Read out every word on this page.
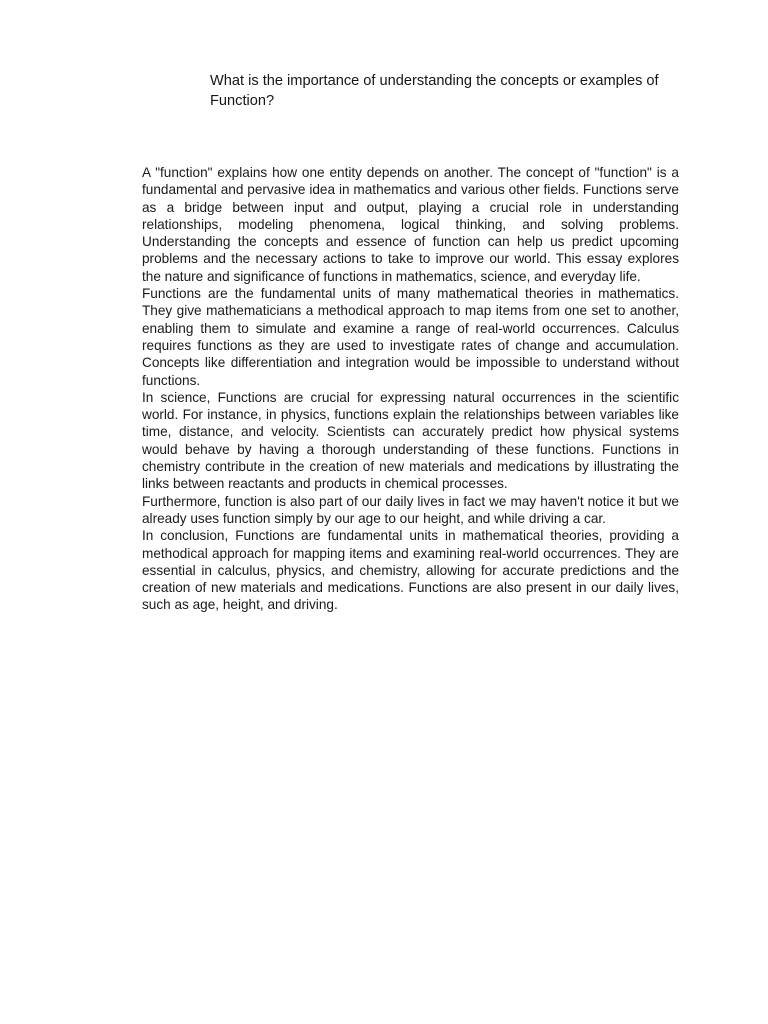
What is the importance of understanding the concepts or examples of Function?

A "function" explains how one entity depends on another. The concept of "function" is a fundamental and pervasive idea in mathematics and various other fields. Functions serve as a bridge between input and output, playing a crucial role in understanding relationships, modeling phenomena, logical thinking, and solving problems. Understanding the concepts and essence of function can help us predict upcoming problems and the necessary actions to take to improve our world. This essay explores the nature and significance of functions in mathematics, science, and everyday life.

Functions are the fundamental units of many mathematical theories in mathematics. They give mathematicians a methodical approach to map items from one set to another, enabling them to simulate and examine a range of real-world occurrences. Calculus requires functions as they are used to investigate rates of change and accumulation. Concepts like differentiation and integration would be impossible to understand without functions.

In science, Functions are crucial for expressing natural occurrences in the scientific world. For instance, in physics, functions explain the relationships between variables like time, distance, and velocity. Scientists can accurately predict how physical systems would behave by having a thorough understanding of these functions. Functions in chemistry contribute in the creation of new materials and medications by illustrating the links between reactants and products in chemical processes.

Furthermore, function is also part of our daily lives in fact we may haven't notice it but we already uses function simply by our age to our height, and while driving a car.

In conclusion, Functions are fundamental units in mathematical theories, providing a methodical approach for mapping items and examining real-world occurrences. They are essential in calculus, physics, and chemistry, allowing for accurate predictions and the creation of new materials and medications. Functions are also present in our daily lives, such as age, height, and driving.
